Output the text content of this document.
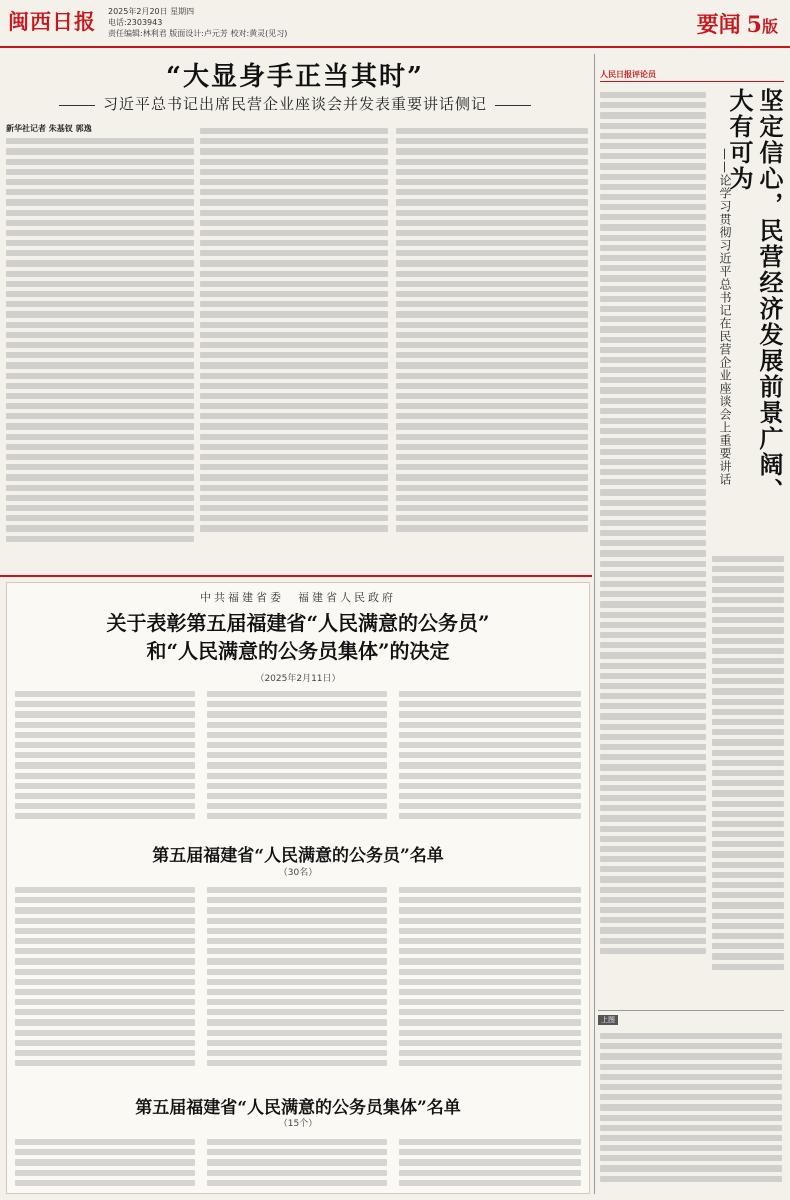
闽西日报 2025年2月20日 星期四
电话:2303943
责任编辑:林利君 版面设计:卢元芳 校对:黄灵(见习)	要闻 5版
“大显身手正当其时”
习近平总书记出席民营企业座谈会并发表重要讲话侧记
新华社记者 朱基钗 郭逸
中共福建省委　福建省人民政府
关于表彰第五届福建省“人民满意的公务员”
和“人民满意的公务员集体”的决定
（2025年2月11日）
第五届福建省“人民满意的公务员”名单
（30名）
第五届福建省“人民满意的公务员集体”名单
（15个）
人民日报评论员
坚定信心，民营经济发展前景广阔、大有可为
——论学习贯彻习近平总书记在民营企业座谈会上重要讲话
上图
